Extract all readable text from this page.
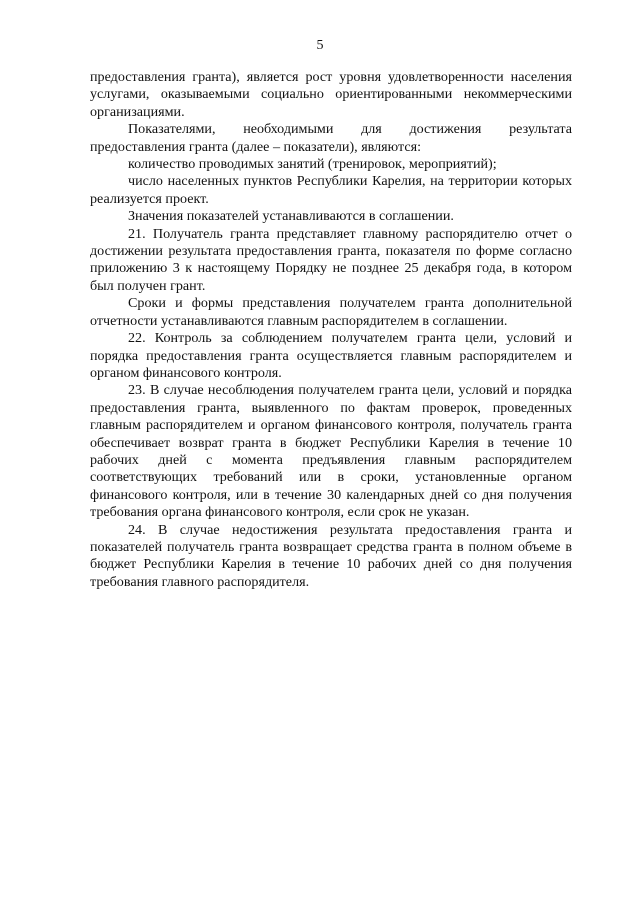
5

предоставления гранта), является рост уровня удовлетворенности населения услугами, оказываемыми социально ориентированными некоммерческими организациями.

Показателями, необходимыми для достижения результата предоставления гранта (далее – показатели), являются:

количество проводимых занятий (тренировок, мероприятий);

число населенных пунктов Республики Карелия, на территории которых реализуется проект.

Значения показателей устанавливаются в соглашении.

21. Получатель гранта представляет главному распорядителю отчет о достижении результата предоставления гранта, показателя по форме согласно приложению 3 к настоящему Порядку не позднее 25 декабря года, в котором был получен грант.

Сроки и формы представления получателем гранта дополнительной отчетности устанавливаются главным распорядителем в соглашении.

22. Контроль за соблюдением получателем гранта цели, условий и порядка предоставления гранта осуществляется главным распорядителем и органом финансового контроля.

23. В случае несоблюдения получателем гранта цели, условий и порядка предоставления гранта, выявленного по фактам проверок, проведенных главным распорядителем и органом финансового контроля, получатель гранта обеспечивает возврат гранта в бюджет Республики Карелия в течение 10 рабочих дней с момента предъявления главным распорядителем соответствующих требований или в сроки, установленные органом финансового контроля, или в течение 30 календарных дней со дня получения требования органа финансового контроля, если срок не указан.

24. В случае недостижения результата предоставления гранта и показателей получатель гранта возвращает средства гранта в полном объеме в бюджет Республики Карелия в течение 10 рабочих дней со дня получения требования главного распорядителя.
